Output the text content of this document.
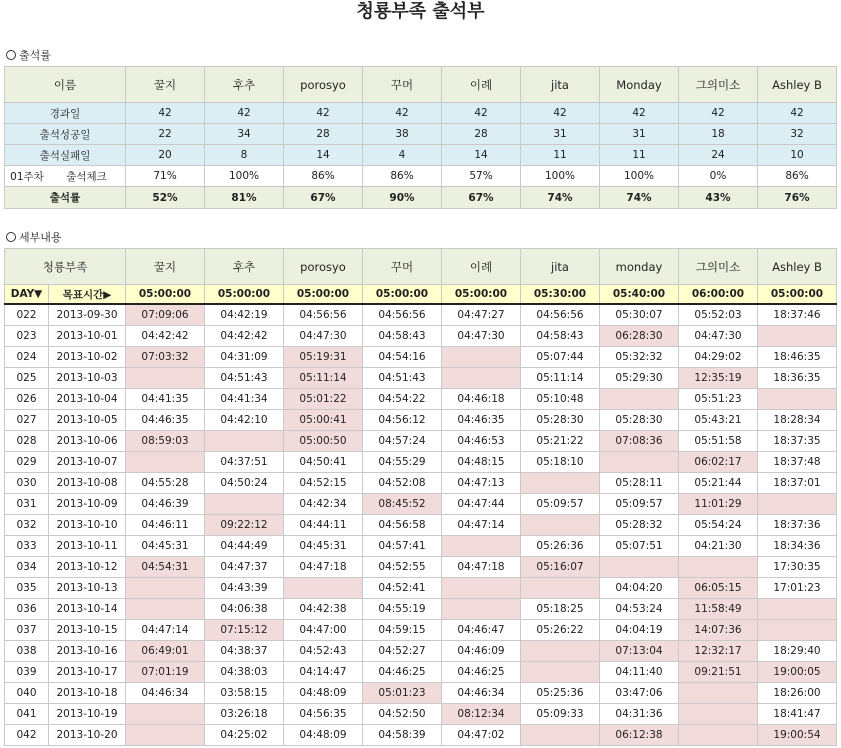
청룡부족 출석부
출석률
이름	꿀지	후추	porosyo	꾸머	이례	jita	Monday	그의미소	Ashley B
경과일	42	42	42	42	42	42	42	42	42
출석성공일	22	34	28	38	28	31	31	18	32
출석실패일	20	8	14	4	14	11	11	24	10
01주차 출석체크	71%	100%	86%	86%	57%	100%	100%	0%	86%
출석률	52%	81%	67%	90%	67%	74%	74%	43%	76%
세부내용
청룡부족		꿀지	후추	porosyo	꾸머	이례	jita	monday	그의미소	Ashley B
DAY▼	목표시간▶	05:00:00	05:00:00	05:00:00	05:00:00	05:00:00	05:30:00	05:40:00	06:00:00	05:00:00
022	2013-09-30	07:09:06	04:42:19	04:56:56	04:56:56	04:47:27	04:56:56	05:30:07	05:52:03	18:37:46
023	2013-10-01	04:42:42	04:42:42	04:47:30	04:58:43	04:47:30	04:58:43	06:28:30	04:47:30	
024	2013-10-02	07:03:32	04:31:09	05:19:31	04:54:16		05:07:44	05:32:32	04:29:02	18:46:35
025	2013-10-03		04:51:43	05:11:14	04:51:43		05:11:14	05:29:30	12:35:19	18:36:35
026	2013-10-04	04:41:35	04:41:34	05:01:22	04:54:22	04:46:18	05:10:48		05:51:23	
027	2013-10-05	04:46:35	04:42:10	05:00:41	04:56:12	04:46:35	05:28:30	05:28:30	05:43:21	18:28:34
028	2013-10-06	08:59:03		05:00:50	04:57:24	04:46:53	05:21:22	07:08:36	05:51:58	18:37:35
029	2013-10-07		04:37:51	04:50:41	04:55:29	04:48:15	05:18:10		06:02:17	18:37:48
030	2013-10-08	04:55:28	04:50:24	04:52:15	04:52:08	04:47:13		05:28:11	05:21:44	18:37:01
031	2013-10-09	04:46:39		04:42:34	08:45:52	04:47:44	05:09:57	05:09:57	11:01:29	
032	2013-10-10	04:46:11	09:22:12	04:44:11	04:56:58	04:47:14		05:28:32	05:54:24	18:37:36
033	2013-10-11	04:45:31	04:44:49	04:45:31	04:57:41		05:26:36	05:07:51	04:21:30	18:34:36
034	2013-10-12	04:54:31	04:47:37	04:47:18	04:52:55	04:47:18	05:16:07			17:30:35
035	2013-10-13		04:43:39		04:52:41			04:04:20	06:05:15	17:01:23
036	2013-10-14		04:06:38	04:42:38	04:55:19		05:18:25	04:53:24	11:58:49	
037	2013-10-15	04:47:14	07:15:12	04:47:00	04:59:15	04:46:47	05:26:22	04:04:19	14:07:36	
038	2013-10-16	06:49:01	04:38:37	04:52:43	04:52:27	04:46:09		07:13:04	12:32:17	18:29:40
039	2013-10-17	07:01:19	04:38:03	04:14:47	04:46:25	04:46:25		04:11:40	09:21:51	19:00:05
040	2013-10-18	04:46:34	03:58:15	04:48:09	05:01:23	04:46:34	05:25:36	03:47:06		18:26:00
041	2013-10-19		03:26:18	04:56:35	04:52:50	08:12:34	05:09:33	04:31:36		18:41:47
042	2013-10-20		04:25:02	04:48:09	04:58:39	04:47:02		06:12:38		19:00:54
